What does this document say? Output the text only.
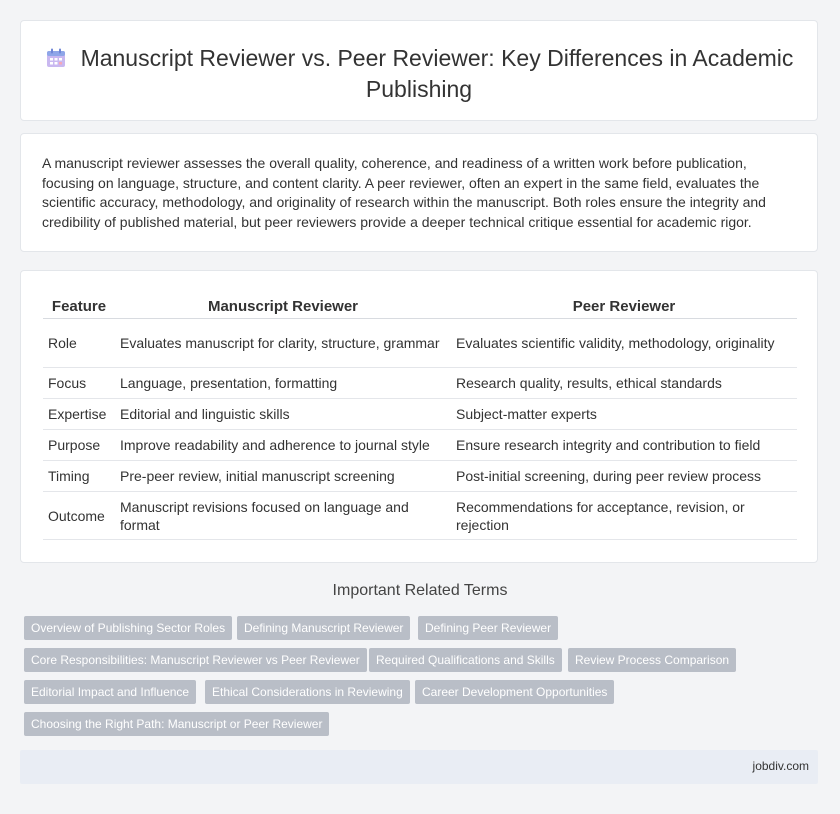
Manuscript Reviewer vs. Peer Reviewer: Key Differences in Academic Publishing
A manuscript reviewer assesses the overall quality, coherence, and readiness of a written work before publication, focusing on language, structure, and content clarity. A peer reviewer, often an expert in the same field, evaluates the scientific accuracy, methodology, and originality of research within the manuscript. Both roles ensure the integrity and credibility of published material, but peer reviewers provide a deeper technical critique essential for academic rigor.
Feature	Manuscript Reviewer	Peer Reviewer
Role	Evaluates manuscript for clarity, structure, grammar	Evaluates scientific validity, methodology, originality
Focus	Language, presentation, formatting	Research quality, results, ethical standards
Expertise	Editorial and linguistic skills	Subject-matter experts
Purpose	Improve readability and adherence to journal style	Ensure research integrity and contribution to field
Timing	Pre-peer review, initial manuscript screening	Post-initial screening, during peer review process
Outcome	Manuscript revisions focused on language and format	Recommendations for acceptance, revision, or rejection
Important Related Terms
Overview of Publishing Sector Roles	Defining Manuscript Reviewer	Defining Peer Reviewer
Core Responsibilities: Manuscript Reviewer vs Peer Reviewer	Required Qualifications and Skills	Review Process Comparison
Editorial Impact and Influence	Ethical Considerations in Reviewing	Career Development Opportunities
Choosing the Right Path: Manuscript or Peer Reviewer
jobdiv.com
